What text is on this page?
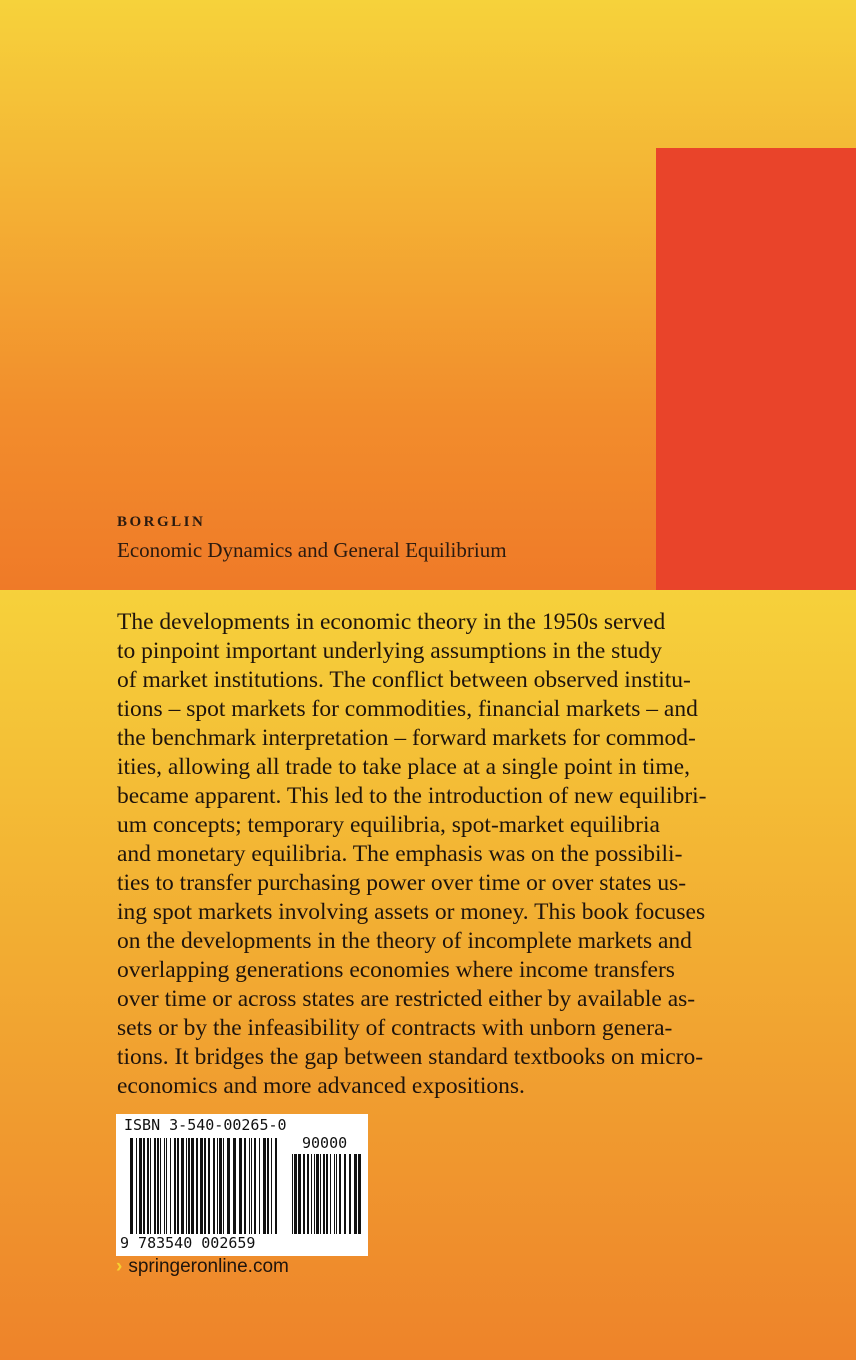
BORGLIN
Economic Dynamics and General Equilibrium
The developments in economic theory in the 1950s served
to pinpoint important underlying assumptions in the study
of market institutions. The conflict between observed institu-
tions – spot markets for commodities, financial markets – and
the benchmark interpretation – forward markets for commod-
ities, allowing all trade to take place at a single point in time,
became apparent. This led to the introduction of new equilibri-
um concepts; temporary equilibria, spot-market equilibria
and monetary equilibria. The emphasis was on the possibili-
ties to transfer purchasing power over time or over states us-
ing spot markets involving assets or money. This book focuses
on the developments in the theory of incomplete markets and
overlapping generations economies where income transfers
over time or across states are restricted either by available as-
sets or by the infeasibility of contracts with unborn genera-
tions. It bridges the gap between standard textbooks on micro-
economics and more advanced expositions.
ISBN 3-540-00265-0
90000
9 783540 002659
› springeronline.com
